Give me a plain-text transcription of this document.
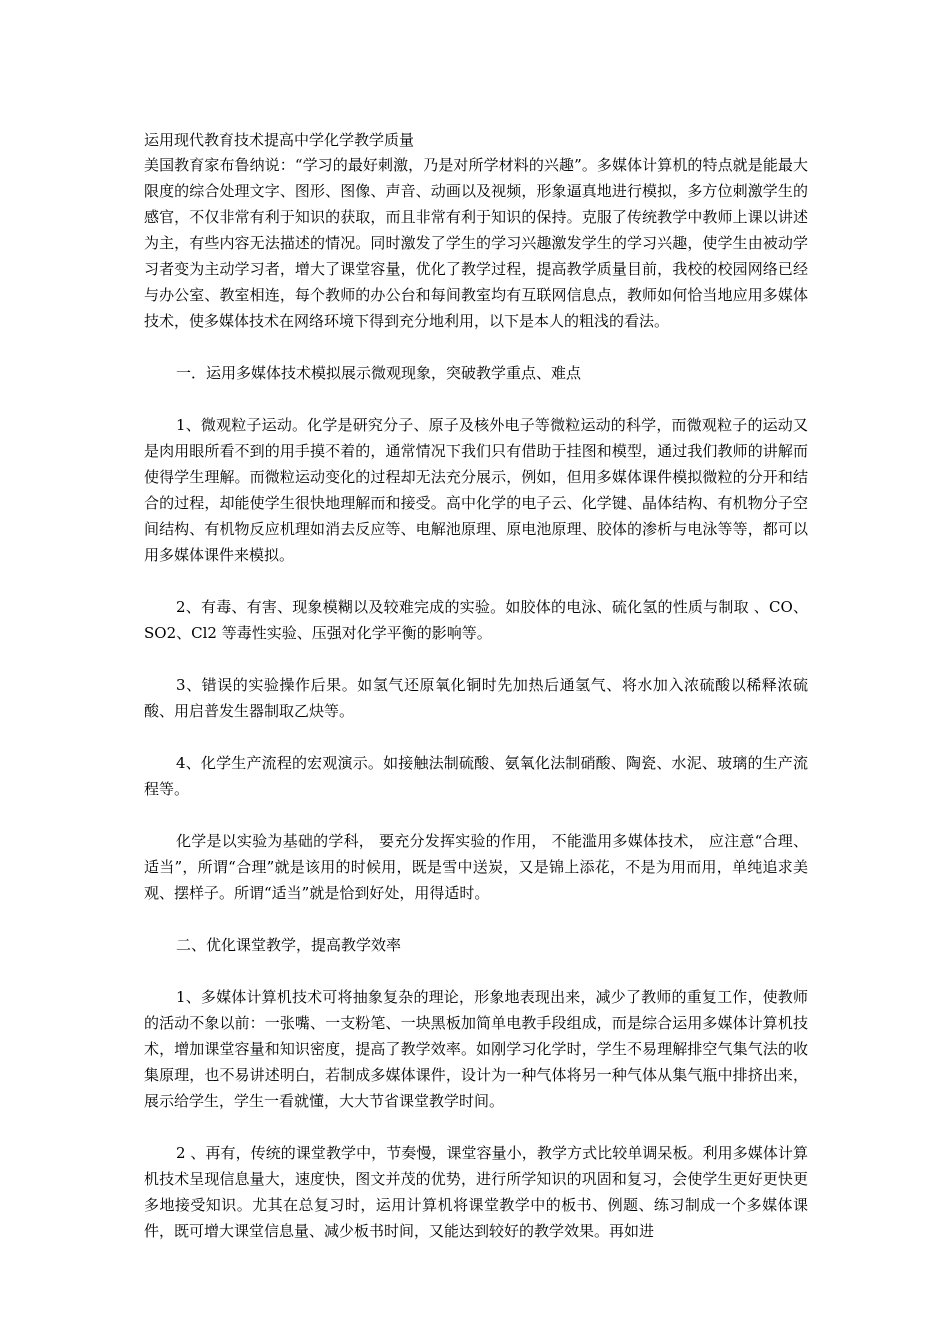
运用现代教育技术提高中学化学教学质量

美国教育家布鲁纳说：“学习的最好刺激，乃是对所学材料的兴趣”。多媒体计算机的特点就是能最大限度的综合处理文字、图形、图像、声音、动画以及视频，形象逼真地进行模拟，多方位刺激学生的感官，不仅非常有利于知识的获取，而且非常有利于知识的保持。克服了传统教学中教师上课以讲述为主，有些内容无法描述的情况。同时激发了学生的学习兴趣激发学生的学习兴趣，使学生由被动学习者变为主动学习者，增大了课堂容量，优化了教学过程，提高教学质量目前，我校的校园网络已经与办公室、教室相连，每个教师的办公台和每间教室均有互联网信息点，教师如何恰当地应用多媒体技术，使多媒体技术在网络环境下得到充分地利用，以下是本人的粗浅的看法。

一．运用多媒体技术模拟展示微观现象，突破教学重点、难点

1、微观粒子运动。化学是研究分子、原子及核外电子等微粒运动的科学，而微观粒子的运动又是肉用眼所看不到的用手摸不着的，通常情况下我们只有借助于挂图和模型，通过我们教师的讲解而使得学生理解。而微粒运动变化的过程却无法充分展示，例如，但用多媒体课件模拟微粒的分开和结合的过程，却能使学生很快地理解而和接受。高中化学的电子云、化学键、晶体结构、有机物分子空间结构、有机物反应机理如消去反应等、电解池原理、原电池原理、胶体的渗析与电泳等等，都可以用多媒体课件来模拟。

2、有毒、有害、现象模糊以及较难完成的实验。如胶体的电泳、硫化氢的性质与制取 、CO、SO2、Cl2 等毒性实验、压强对化学平衡的影响等。

3、错误的实验操作后果。如氢气还原氧化铜时先加热后通氢气、将水加入浓硫酸以稀释浓硫酸、用启普发生器制取乙炔等。

4、化学生产流程的宏观演示。如接触法制硫酸、氨氧化法制硝酸、陶瓷、水泥、玻璃的生产流程等。

化学是以实验为基础的学科， 要充分发挥实验的作用， 不能滥用多媒体技术， 应注意“合理、适当”，所谓“合理”就是该用的时候用，既是雪中送炭，又是锦上添花，不是为用而用，单纯追求美观、摆样子。所谓“适当”就是恰到好处，用得适时。

二、优化课堂教学，提高教学效率

1、多媒体计算机技术可将抽象复杂的理论，形象地表现出来，减少了教师的重复工作，使教师的活动不象以前：一张嘴、一支粉笔、一块黑板加简单电教手段组成，而是综合运用多媒体计算机技术，增加课堂容量和知识密度，提高了教学效率。如刚学习化学时，学生不易理解排空气集气法的收集原理，也不易讲述明白，若制成多媒体课件，设计为一种气体将另一种气体从集气瓶中排挤出来，展示给学生，学生一看就懂，大大节省课堂教学时间。

2 、再有，传统的课堂教学中，节奏慢，课堂容量小，教学方式比较单调呆板。利用多媒体计算机技术呈现信息量大，速度快，图文并茂的优势，进行所学知识的巩固和复习，会使学生更好更快更多地接受知识。尤其在总复习时，运用计算机将课堂教学中的板书、例题、练习制成一个多媒体课件，既可增大课堂信息量、减少板书时间，又能达到较好的教学效果。再如进
